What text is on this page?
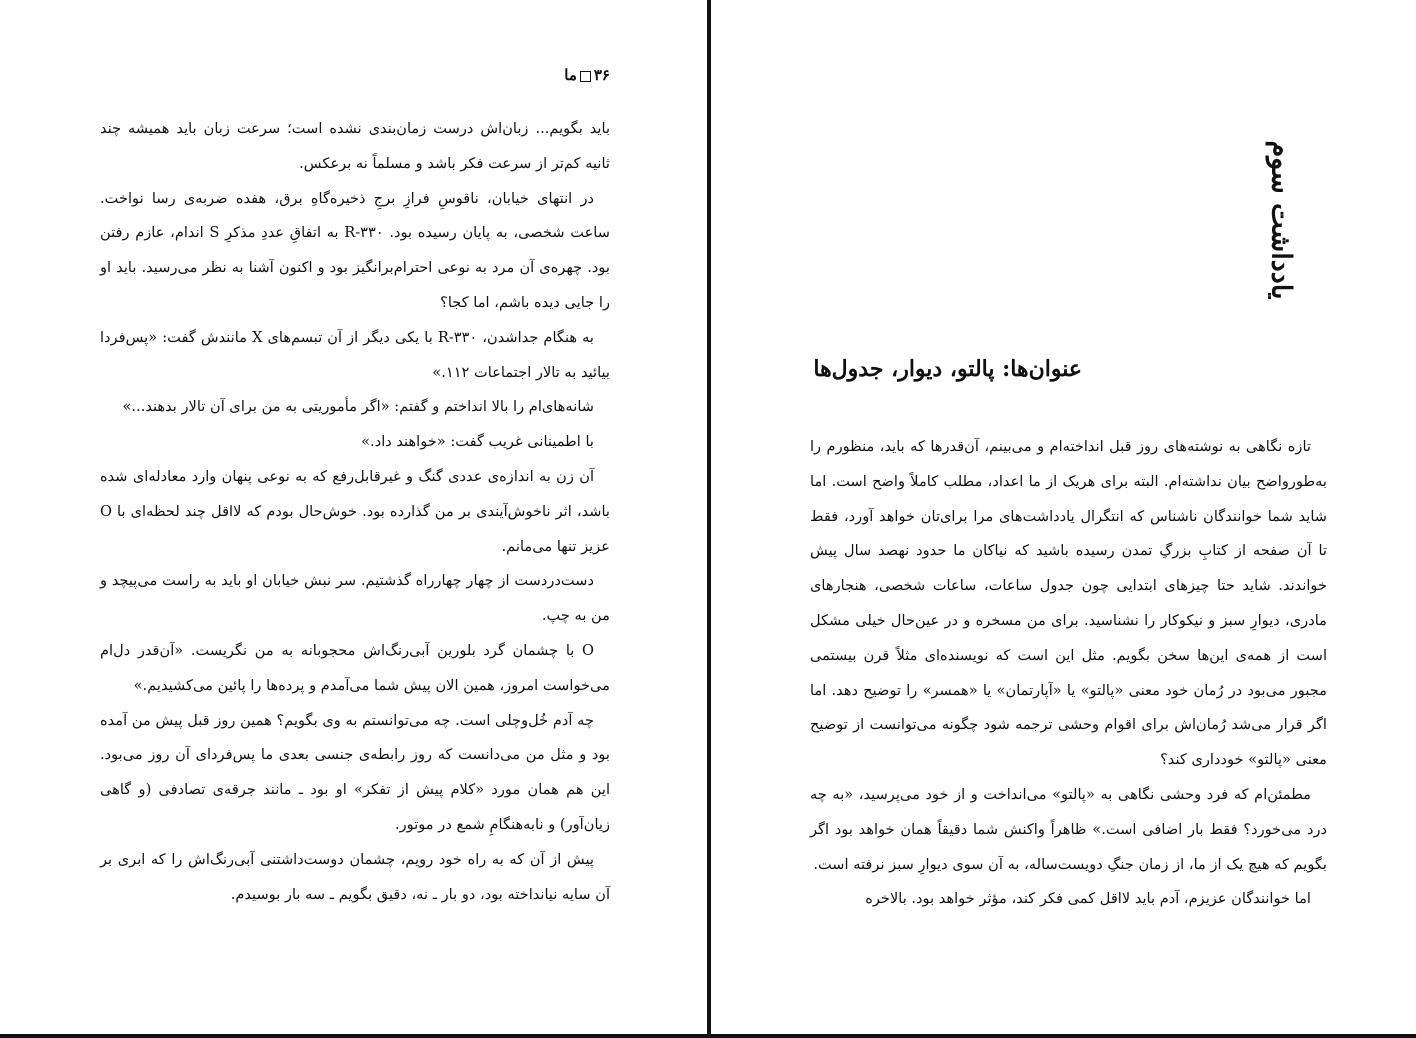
۳۶ما

باید بگویم... زبان‌اش درست زمان‌بندی نشده است؛ سرعت زبان باید همیشه چند ثانیه کم‌تر از سرعت فکر باشد و مسلماً نه برعکس.

در انتهای خیابان، ناقوسِ فرازِ برجِ ذخیره‌گاهِ برق، هفده ضربه‌ی رسا نواخت. ساعت شخصی، به پایان رسیده بود. R-۳۳۰ به اتفاقِ عددِ مذکرِ S اندام، عازم رفتن بود. چهره‌ی آن مرد به نوعی احترام‌برانگیز بود و اکنون آشنا به نظر می‌رسید. باید او را جایی دیده باشم، اما کجا؟

به هنگام جداشدن، R-۳۳۰ با یکی دیگر از آن تبسم‌های X مانندش گفت: «پس‌فردا بیائید به تالار اجتماعات ۱۱۲.»

شانه‌های‌ام را بالا انداختم و گفتم: «اگر مأموریتی به من برای آن تالار بدهند...»

با اطمینانی غریب گفت: «خواهند داد.»

آن زن به اندازه‌ی عددی گنگ و غیرقابل‌رفع که به نوعی پنهان وارد معادله‌ای شده باشد، اثر ناخوش‌آیندی بر من گذارده بود. خوش‌حال بودم که لااقل چند لحظه‌ای با O عزیز تنها می‌مانم.

دست‌دردست از چهار چهارراه گذشتیم. سر نبش خیابان او باید به راست می‌پیچد و من به چپ.

O با چشمان گرد بلورین آبی‌رنگ‌اش محجوبانه به من نگریست. «آن‌قدر دل‌ام می‌خواست امروز، همین الان پیش شما می‌آمدم و پرده‌ها را پائین می‌کشیدیم.»

چه آدم خُل‌وچلی است. چه می‌توانستم به وی بگویم؟ همین روز قبل پیش من آمده بود و مثل من می‌دانست که روز رابطه‌ی جنسی بعدی ما پس‌فردای آن روز می‌بود. این هم همان مورد «کلام پیش از تفکر» او بود ـ مانند جرقه‌ی تصادفی (و گاهی زیان‌آور) و نابه‌هنگامِ شمع در موتور.

پیش از آن که به راه خود رویم، چشمان دوست‌داشتنی آبی‌رنگ‌اش را که ابری بر آن سایه نیانداخته بود، دو بار ـ نه، دقیق بگویم ـ سه بار بوسیدم.

یادداشت سوم
عنوان‌ها: پالتو، دیوار، جدول‌ها

تازه نگاهی به نوشته‌های روز قبل انداخته‌ام و می‌بینم، آن‌قدرها که باید، منظورم را به‌طورواضح بیان نداشته‌ام. البته برای هریک از ما اعداد، مطلب کاملاً واضح است. اما شاید شما خوانندگان ناشناس که انتگرال یادداشت‌های مرا برای‌تان خواهد آورد، فقط تا آن صفحه از کتابِ بزرگِ تمدن رسیده باشید که نیاکان ما حدود نهصد سال پیش خواندند. شاید حتا چیزهای ابتدایی چون جدول ساعات، ساعات شخصی، هنجارهای مادری، دیوارِ سبز و نیکوکار را نشناسید. برای من مسخره و در عین‌حال خیلی مشکل است از همه‌ی این‌ها سخن بگویم. مثل این است که نویسنده‌ای مثلاً قرن بیستمی مجبور می‌بود در رُمان خود معنی «پالتو» یا «آپارتمان» یا «همسر» را توضیح دهد. اما اگر قرار می‌شد رُمان‌اش برای اقوام وحشی ترجمه شود چگونه می‌توانست از توضیح معنی «پالتو» خودداری کند؟

مطمئن‌ام که فرد وحشی نگاهی به «پالتو» می‌انداخت و از خود می‌پرسید، «به چه درد می‌خورد؟ فقط بار اضافی است.» ظاهراً واکنش شما دقیقاً همان خواهد بود اگر بگویم که هیچ یک از ما، از زمان جنگِ دویست‌ساله، به آن سوی دیوارِ سبز نرفته است.

اما خوانندگان عزیزم، آدم باید لااقل کمی فکر کند، مؤثر خواهد بود. بالاخره
